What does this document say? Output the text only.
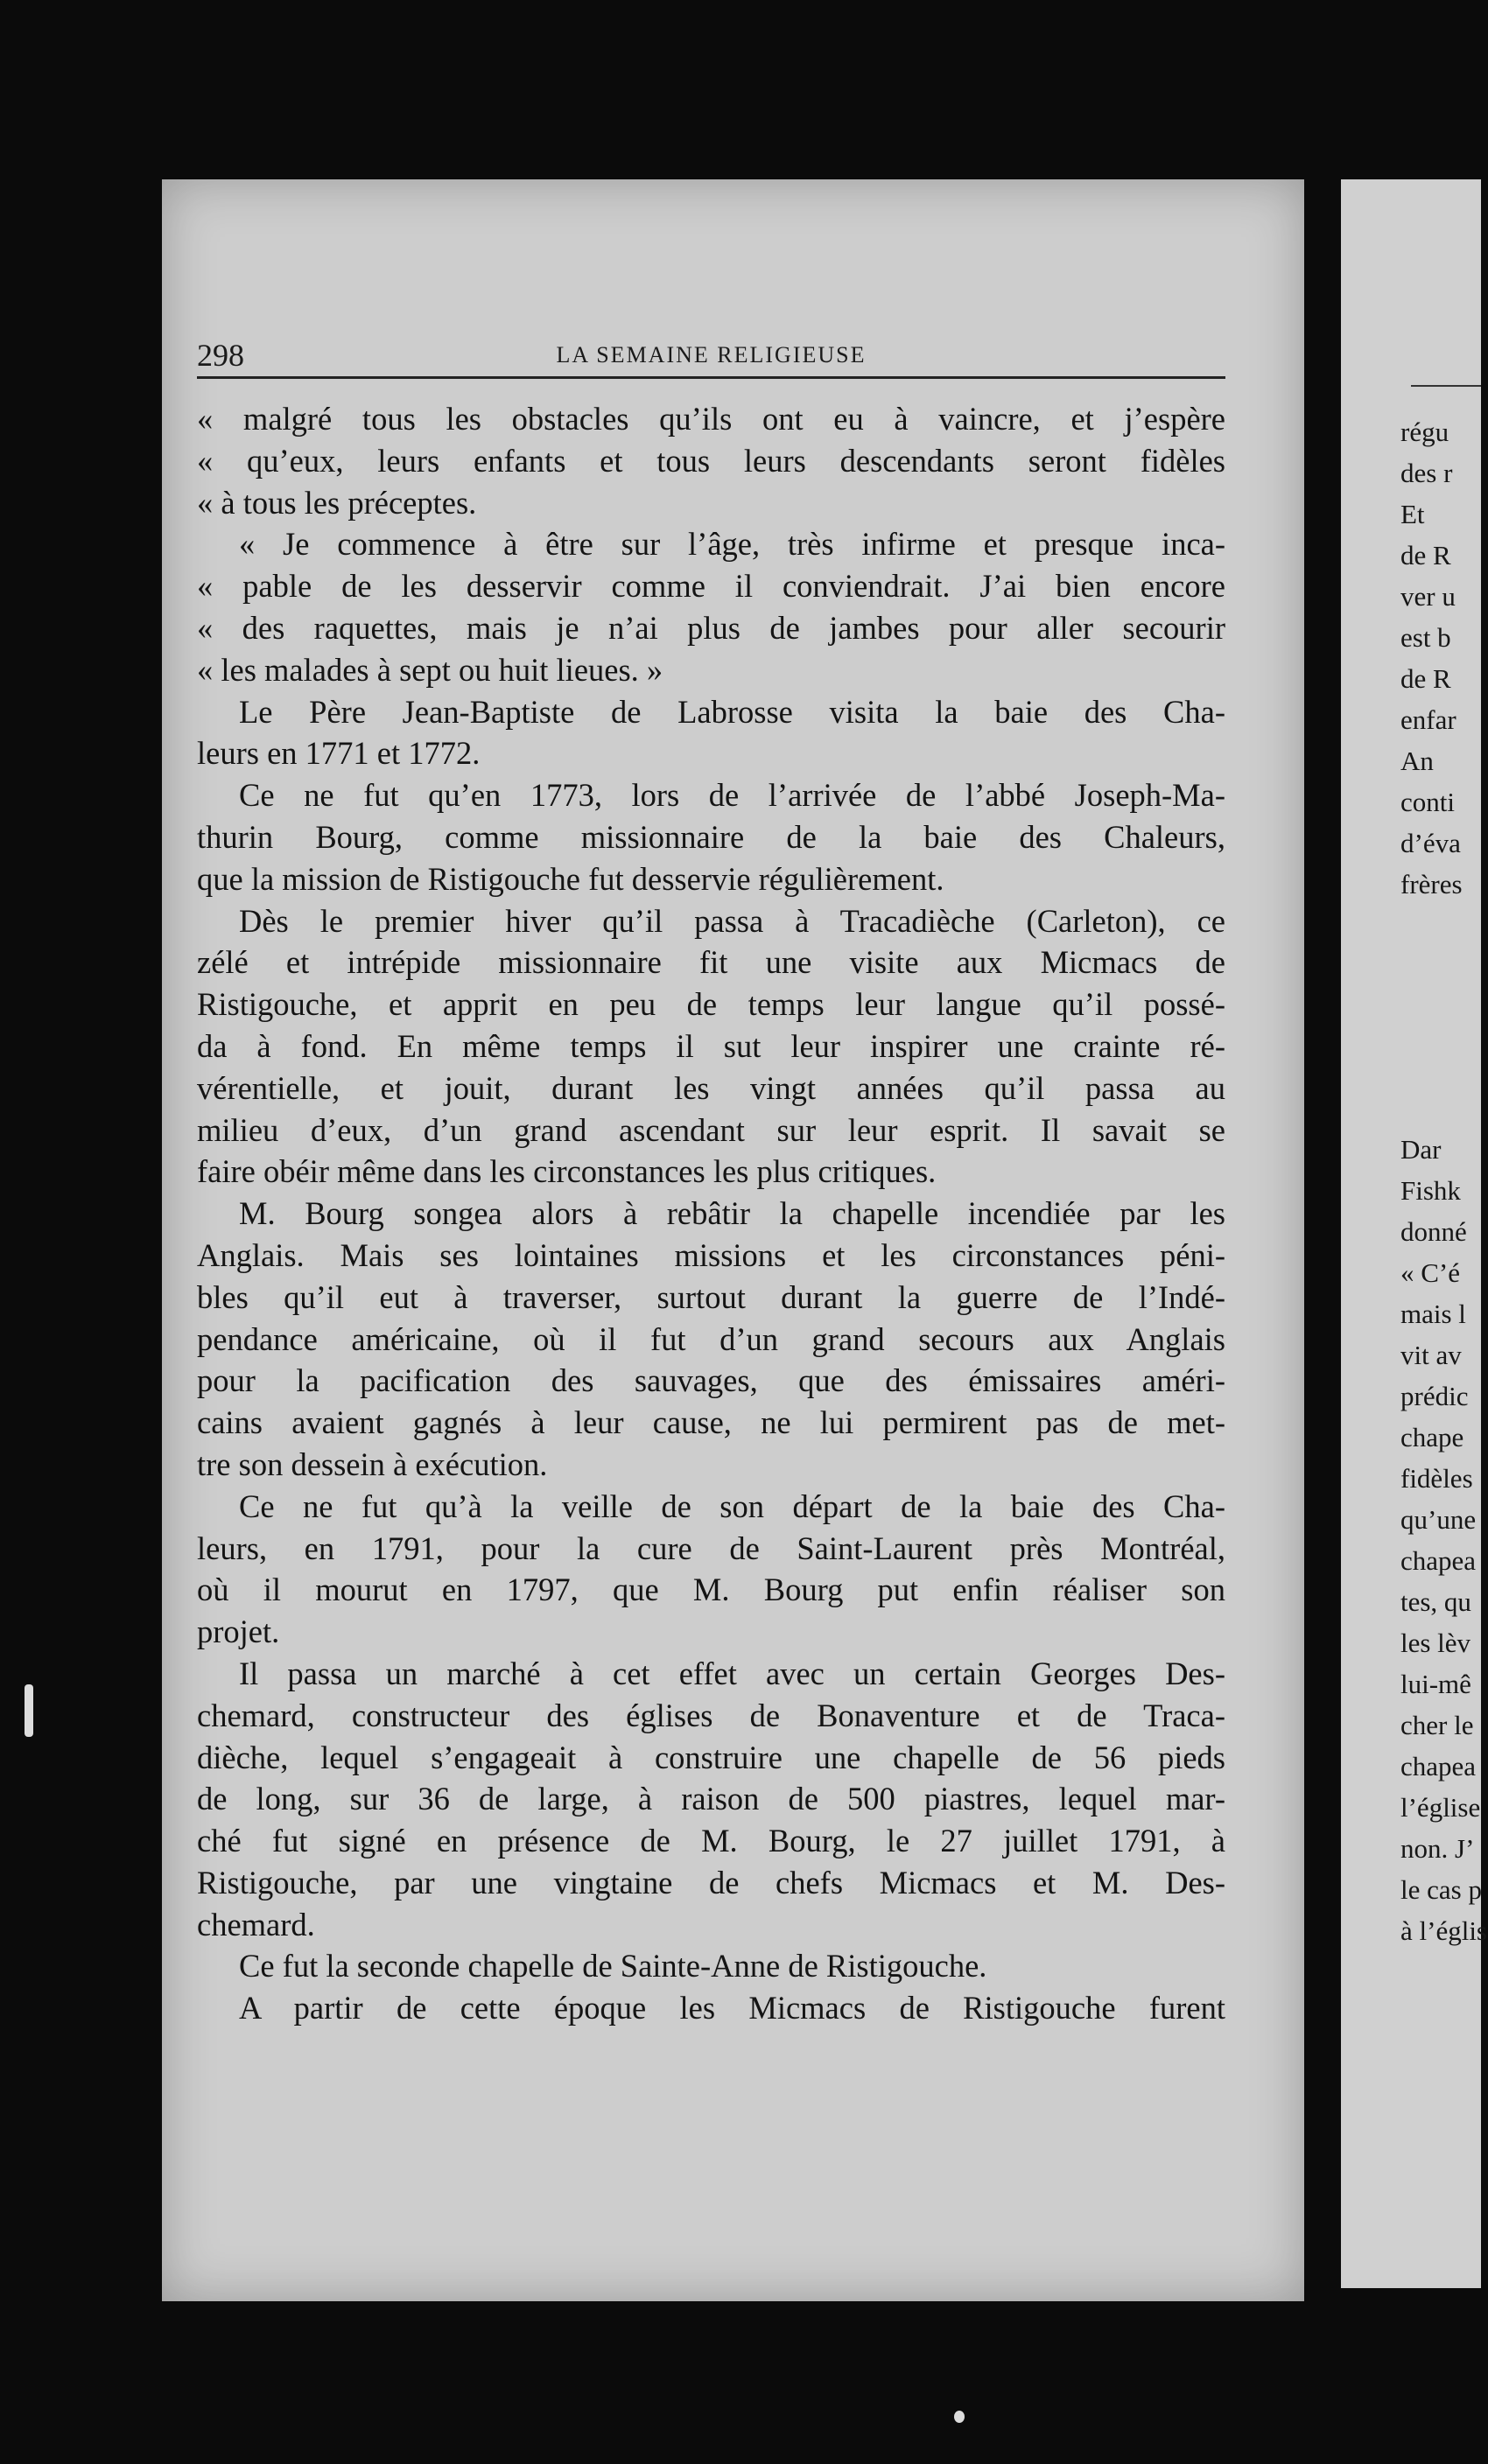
298	LA SEMAINE RELIGIEUSE
« malgré tous les obstacles qu’ils ont eu à vaincre, et j’espère
« qu’eux, leurs enfants et tous leurs descendants seront fidèles
« à tous les préceptes.
« Je commence à être sur l’âge, très infirme et presque inca-
« pable de les desservir comme il conviendrait. J’ai bien encore
« des raquettes, mais je n’ai plus de jambes pour aller secourir
« les malades à sept ou huit lieues. »
Le Père Jean-Baptiste de Labrosse visita la baie des Cha-
leurs en 1771 et 1772.
Ce ne fut qu’en 1773, lors de l’arrivée de l’abbé Joseph-Ma-
thurin Bourg, comme missionnaire de la baie des Chaleurs,
que la mission de Ristigouche fut desservie régulièrement.
Dès le premier hiver qu’il passa à Tracadièche (Carleton), ce
zélé et intrépide missionnaire fit une visite aux Micmacs de
Ristigouche, et apprit en peu de temps leur langue qu’il possé-
da à fond. En même temps il sut leur inspirer une crainte ré-
vérentielle, et jouit, durant les vingt années qu’il passa au
milieu d’eux, d’un grand ascendant sur leur esprit. Il savait se
faire obéir même dans les circonstances les plus critiques.
M. Bourg songea alors à rebâtir la chapelle incendiée par les
Anglais. Mais ses lointaines missions et les circonstances péni-
bles qu’il eut à traverser, surtout durant la guerre de l’Indé-
pendance américaine, où il fut d’un grand secours aux Anglais
pour la pacification des sauvages, que des émissaires améri-
cains avaient gagnés à leur cause, ne lui permirent pas de met-
tre son dessein à exécution.
Ce ne fut qu’à la veille de son départ de la baie des Cha-
leurs, en 1791, pour la cure de Saint-Laurent près Montréal,
où il mourut en 1797, que M. Bourg put enfin réaliser son
projet.
Il passa un marché à cet effet avec un certain Georges Des-
chemard, constructeur des églises de Bonaventure et de Traca-
dièche, lequel s’engageait à construire une chapelle de 56 pieds
de long, sur 36 de large, à raison de 500 piastres, lequel mar-
ché fut signé en présence de M. Bourg, le 27 juillet 1791, à
Ristigouche, par une vingtaine de chefs Micmacs et M. Des-
chemard.
Ce fut la seconde chapelle de Sainte-Anne de Ristigouche.
A partir de cette époque les Micmacs de Ristigouche furent
régu
des r
Et
de R
ver u
est b
de R
enfar
An
conti
d’éva
frères
Dar
Fishk
donné
« C’é
mais l
vit av
prédic
chape
fidèles
qu’une
chapea
tes, qu
les lèv
lui-mê
cher le
chapea
l’église
non. J’
le cas p
à l’églis
